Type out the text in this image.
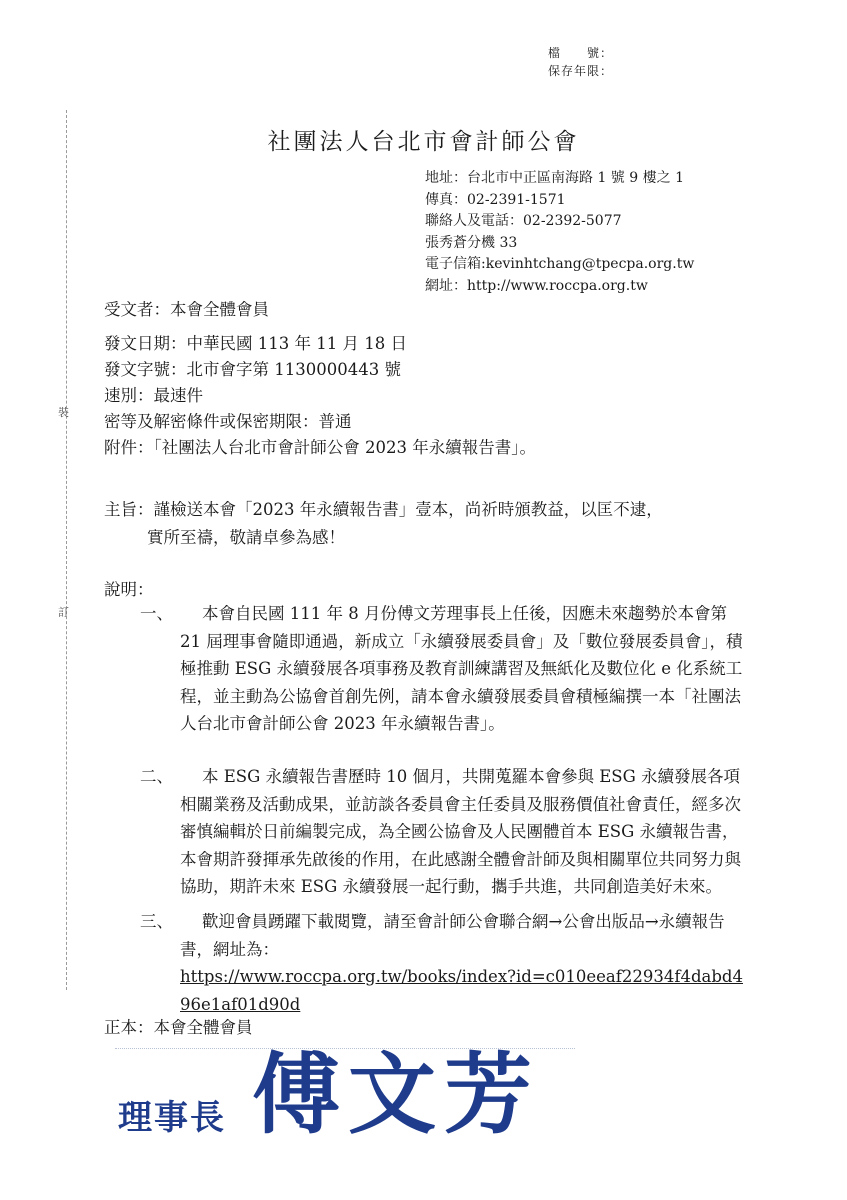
檔　　號：
保存年限：
裝
訂
社團法人台北市會計師公會
地址：台北市中正區南海路 1 號 9 樓之 1
傳真：02-2391-1571
聯絡人及電話：02-2392-5077
張秀蒼分機 33
電子信箱:kevinhtchang@tpecpa.org.tw
網址：http://www.roccpa.org.tw
受文者：本會全體會員
發文日期：中華民國 113 年 11 月 18 日
發文字號：北市會字第 1130000443 號
速別：最速件
密等及解密條件或保密期限：普通
附件：「社團法人台北市會計師公會 2023 年永續報告書」。
主旨：謹檢送本會「2023 年永續報告書」壹本，尚祈時頒教益，以匡不逮，
實所至禱，敬請卓參為感！
說明：
一、	本會自民國 111 年 8 月份傅文芳理事長上任後，因應未來趨勢於本會第 21 屆理事會隨即通過，新成立「永續發展委員會」及「數位發展委員會」，積極推動 ESG 永續發展各項事務及教育訓練講習及無紙化及數位化 e 化系統工程，並主動為公協會首創先例，請本會永續發展委員會積極編撰一本「社團法人台北市會計師公會 2023 年永續報告書」。
二、	本 ESG 永續報告書歷時 10 個月，共開蒐羅本會參與 ESG 永續發展各項相關業務及活動成果，並訪談各委員會主任委員及服務價值社會責任，經多次審慎編輯於日前編製完成，為全國公協會及人民團體首本 ESG 永續報告書，本會期許發揮承先啟後的作用，在此感謝全體會計師及與相關單位共同努力與協助，期許未來 ESG 永續發展一起行動，攜手共進，共同創造美好未來。
三、	歡迎會員踴躍下載閱覽，請至會計師公會聯合網→公會出版品→永續報告書，網址為：
https://www.roccpa.org.tw/books/index?id=c010eeaf22934f4dabd496e1af01d90d
正本：本會全體會員
理事長 傅文芳
